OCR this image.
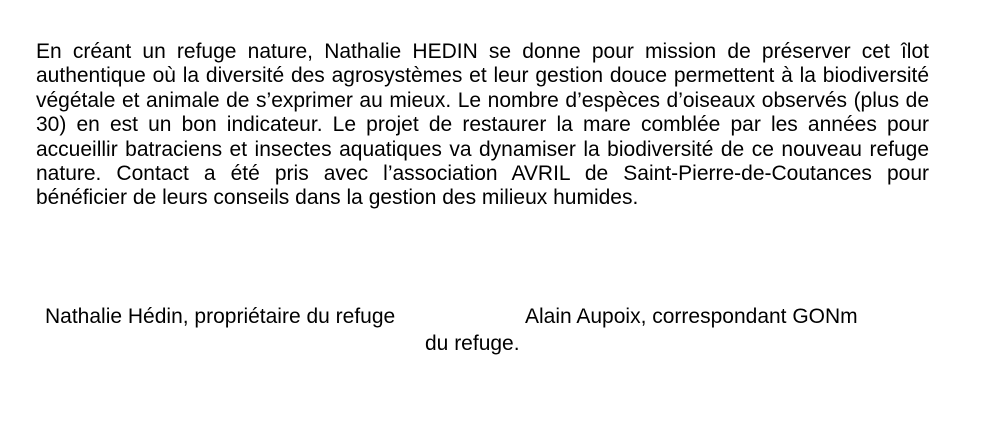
En créant un refuge nature, Nathalie HEDIN se donne pour mission de préserver cet îlot authentique où la diversité des agrosystèmes et leur gestion douce permettent à la biodiversité végétale et animale de s’exprimer au mieux. Le nombre d’espèces d’oiseaux observés (plus de 30) en est un bon indicateur. Le projet de restaurer la mare comblée par les années pour accueillir batraciens et insectes aquatiques va dynamiser la biodiversité de ce nouveau refuge nature. Contact a été pris avec l’association AVRIL de Saint-Pierre-de-Coutances pour bénéficier de leurs conseils dans la gestion des milieux humides.

Nathalie Hédin, propriétaire du refuge	Alain Aupoix, correspondant GONm
du refuge.
